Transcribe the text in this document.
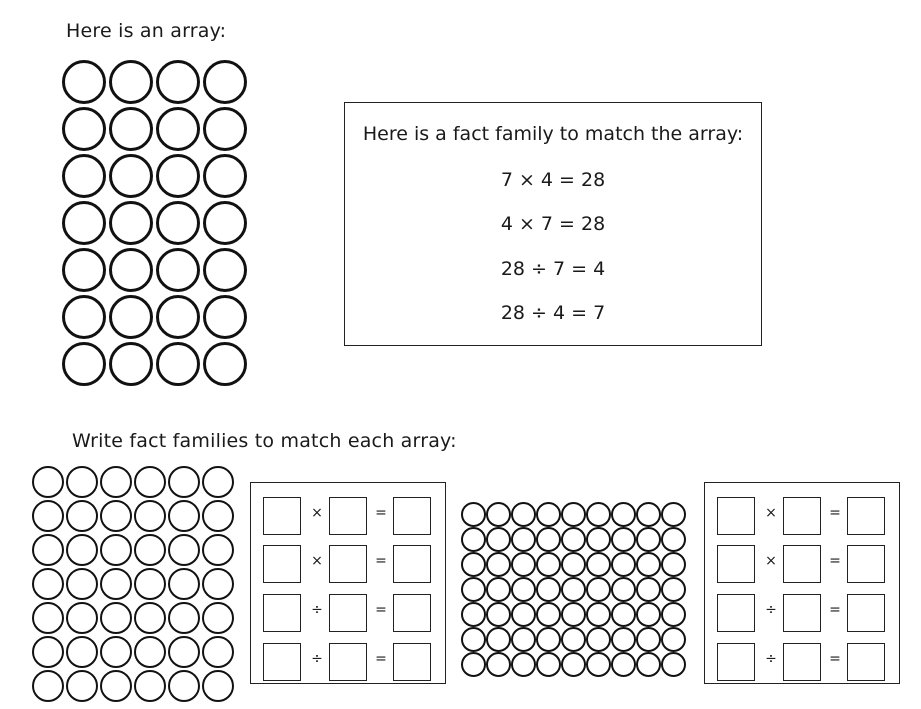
Here is an array:
Here is a fact family to match the array:
7 × 4 = 28
4 × 7 = 28
28 ÷ 7 = 4
28 ÷ 4 = 7
Write fact families to match each array:
×	=
×	=
÷	=
÷	=
×	=
×	=
÷	=
÷	=
